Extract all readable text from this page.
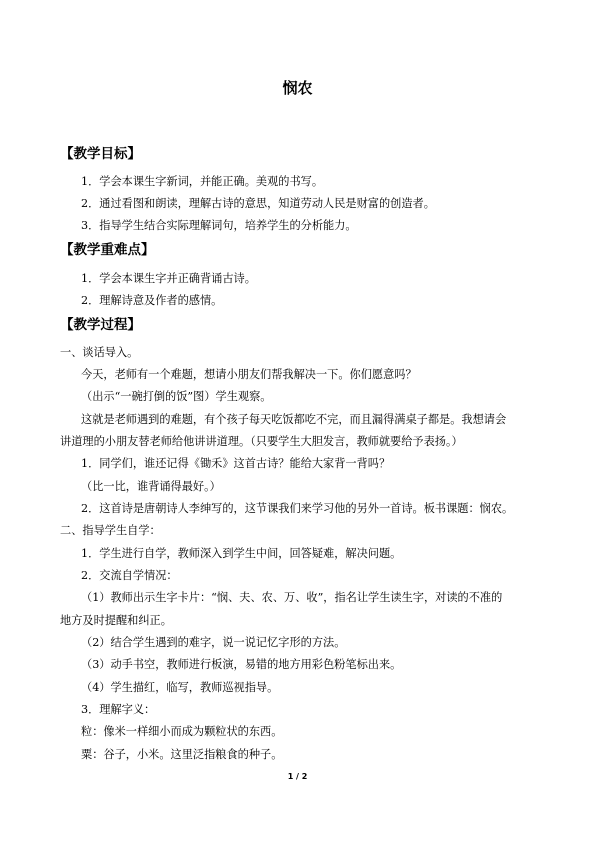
悯农
【教学目标】
1．学会本课生字新词，并能正确。美观的书写。
2．通过看图和朗读，理解古诗的意思，知道劳动人民是财富的创造者。
3．指导学生结合实际理解词句，培养学生的分析能力。
【教学重难点】
1．学会本课生字并正确背诵古诗。
2．理解诗意及作者的感情。
【教学过程】
一、谈话导入。
今天，老师有一个难题，想请小朋友们帮我解决一下。你们愿意吗？
（出示“一碗打倒的饭”图）学生观察。
这就是老师遇到的难题，有个孩子每天吃饭都吃不完，而且漏得满桌子都是。我想请会
讲道理的小朋友替老师给他讲讲道理。（只要学生大胆发言，教师就要给予表扬。）
1．同学们，谁还记得《锄禾》这首古诗？能给大家背一背吗？
（比一比，谁背诵得最好。）
2．这首诗是唐朝诗人李绅写的，这节课我们来学习他的另外一首诗。板书课题：悯农。
二、指导学生自学：
1．学生进行自学，教师深入到学生中间，回答疑难，解决问题。
2．交流自学情况：
（1）教师出示生字卡片：“悯、夫、农、万、收”，指名让学生读生字，对读的不准的
地方及时提醒和纠正。
（2）结合学生遇到的难字，说一说记忆字形的方法。
（3）动手书空，教师进行板演，易错的地方用彩色粉笔标出来。
（4）学生描红，临写，教师巡视指导。
3．理解字义：
粒：像米一样细小而成为颗粒状的东西。
粟：谷子，小米。这里泛指粮食的种子。
1 / 2
